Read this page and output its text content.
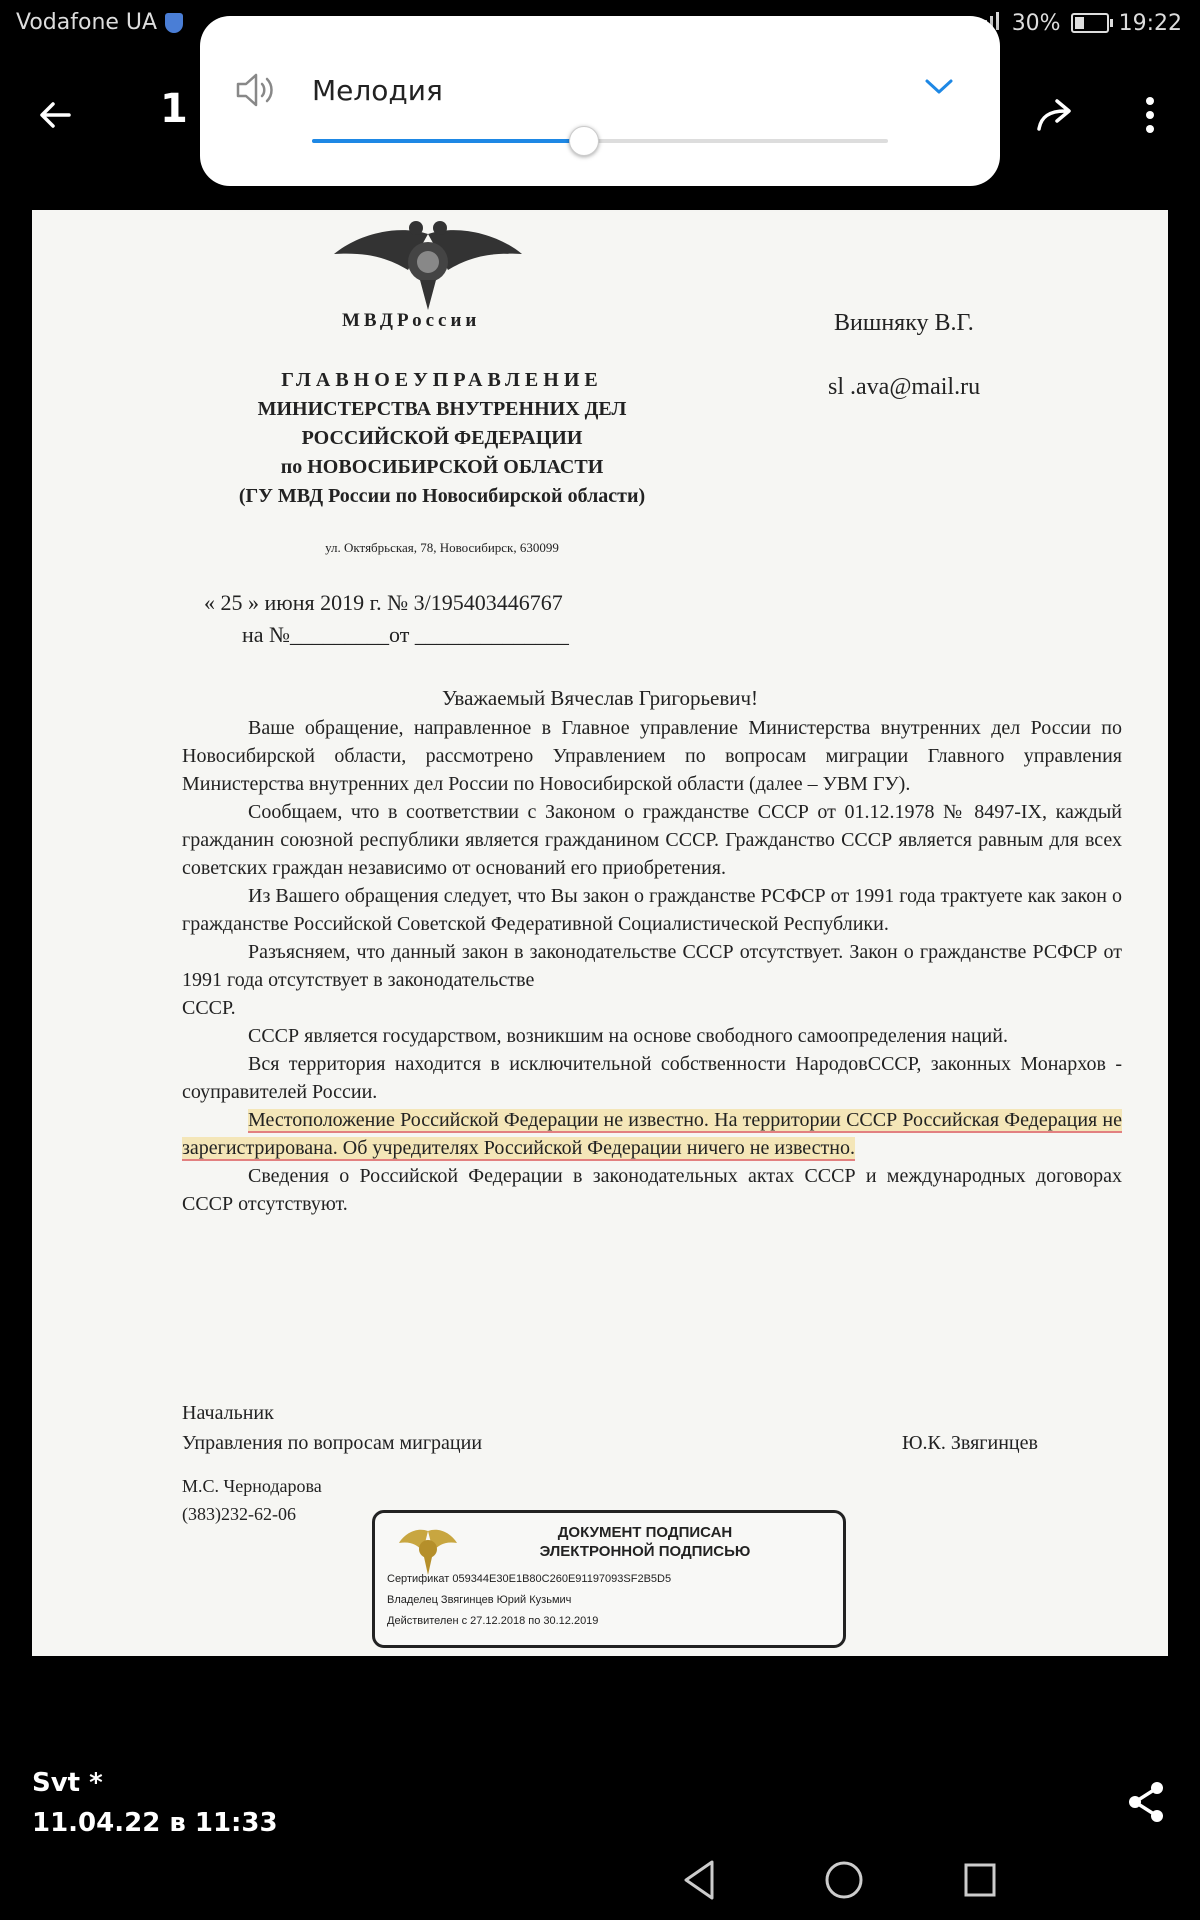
Vodafone UA	30%	19:22
1
МВДРоссии	Вишняку В.Г.
sl .ava@mail.ru
ГЛАВНОЕУПРАВЛЕНИЕ
МИНИСТЕРСТВА ВНУТРЕННИХ ДЕЛ
РОССИЙСКОЙ ФЕДЕРАЦИИ
по НОВОСИБИРСКОЙ ОБЛАСТИ
(ГУ МВД России по Новосибирской области)
ул. Октябрьская, 78, Новосибирск, 630099
« 25 » июня 2019 г. № 3/195403446767
на №_________от ______________
Уважаемый Вячеслав Григорьевич!

Ваше обращение, направленное в Главное управление Министерства внутренних дел России по Новосибирской области, рассмотрено Управлением по вопросам миграции Главного управления Министерства внутренних дел России по Новосибирской области (далее – УВМ ГУ).

Сообщаем, что в соответствии с Законом о гражданстве СССР от 01.12.1978 № 8497-IX, каждый гражданин союзной республики является гражданином СССР. Гражданство СССР является равным для всех советских граждан независимо от оснований его приобретения.

Из Вашего обращения следует, что Вы закон о гражданстве РСФСР от 1991 года трактуете как закон о гражданстве Российской Советской Федеративной Социалистической Республики.

Разъясняем, что данный закон в законодательстве СССР отсутствует. Закон о гражданстве РСФСР от 1991 года отсутствует в законодательстве

СССР.

СССР является государством, возникшим на основе свободного самоопределения наций.

Вся территория находится в исключительной собственности НародовСССР, законных Монархов - соуправителей России.

Местоположение Российской Федерации не известно. На территории СССР Российская Федерация не зарегистрирована. Об учредителях Российской Федерации ничего не известно.

Сведения о Российской Федерации в законодательных актах СССР и международных договорах СССР отсутствуют.

Начальник
Управления по вопросам миграции	Ю.К. Звягинцев
М.С. Чернодарова
(383)232-62-06
ДОКУМЕНТ ПОДПИСАН
ЭЛЕКТРОННОЙ ПОДПИСЬЮ
Сертификат 059344E30E1B80C260E91197093SF2B5D5
Владелец Звягинцев Юрий Кузьмич
Действителен с 27.12.2018 по 30.12.2019
Мелодия
Svt *
11.04.22 в 11:33
